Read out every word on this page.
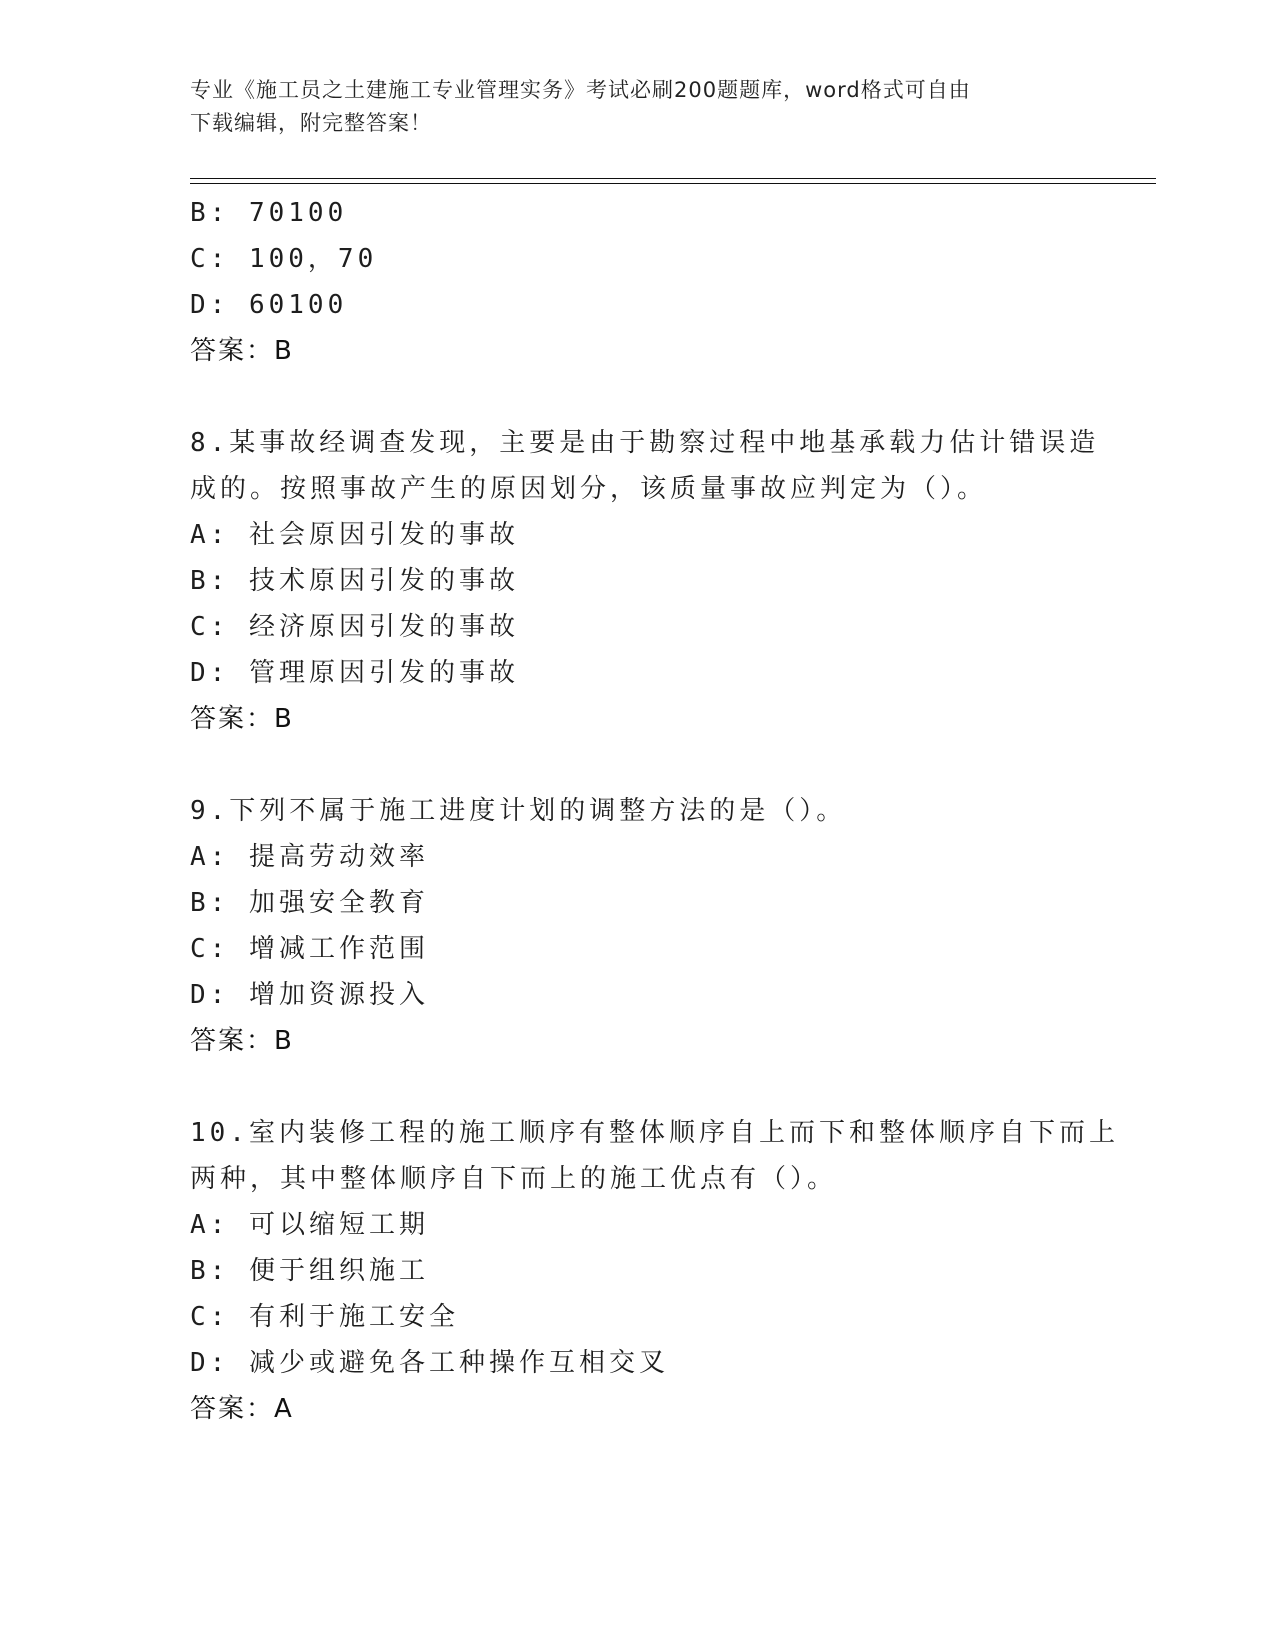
专业《施工员之土建施工专业管理实务》考试必刷200题题库，word格式可自由
下载编辑，附完整答案！
B: 70100
C: 100，70
D: 60100
答案：B
8.某事故经调查发现，主要是由于勘察过程中地基承载力估计错误造
成的。按照事故产生的原因划分，该质量事故应判定为（）。
A: 社会原因引发的事故
B: 技术原因引发的事故
C: 经济原因引发的事故
D: 管理原因引发的事故
答案：B
9.下列不属于施工进度计划的调整方法的是（）。
A: 提高劳动效率
B: 加强安全教育
C: 增减工作范围
D: 增加资源投入
答案：B
10.室内装修工程的施工顺序有整体顺序自上而下和整体顺序自下而上
两种，其中整体顺序自下而上的施工优点有（）。
A: 可以缩短工期
B: 便于组织施工
C: 有利于施工安全
D: 减少或避免各工种操作互相交叉
答案：A
